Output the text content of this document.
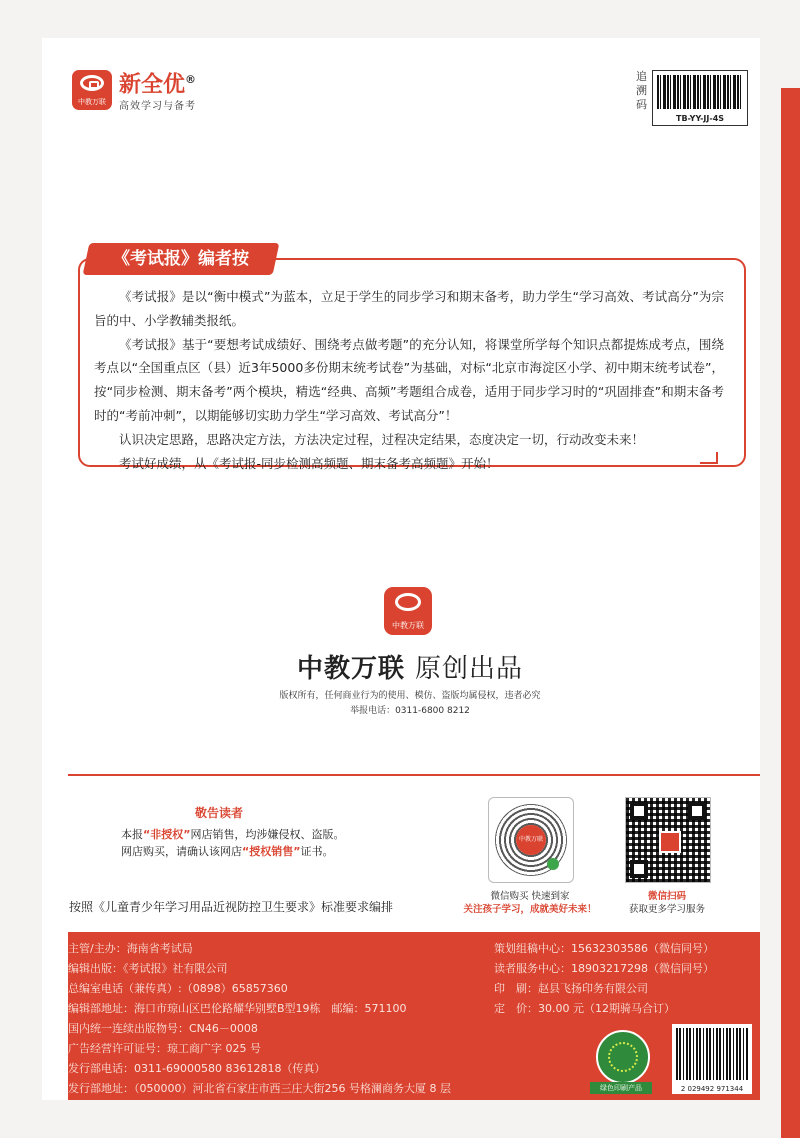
中教万联
新全优®
高效学习与备考
追溯码
TB-YY-JJ-4S
《考试报》编者按

《考试报》是以“衡中模式”为蓝本，立足于学生的同步学习和期末备考，助力学生“学习高效、考试高分”为宗旨的中、小学教辅类报纸。

《考试报》基于“要想考试成绩好、围绕考点做考题”的充分认知，将课堂所学每个知识点都提炼成考点，围绕考点以“全国重点区（县）近3年5000多份期末统考试卷”为基础，对标“北京市海淀区小学、初中期末统考试卷”，按“同步检测、期末备考”两个模块，精选“经典、高频”考题组合成卷，适用于同步学习时的“巩固排查”和期末备考时的“考前冲刺”，以期能够切实助力学生“学习高效、考试高分”！

认识决定思路，思路决定方法，方法决定过程，过程决定结果，态度决定一切，行动改变未来！

考试好成绩，从《考试报-同步检测高频题、期末备考高频题》开始！

中教万联
中教万联 原创出品
版权所有，任何商业行为的使用、模仿、盗版均属侵权，违者必究
举报电话：0311-6800 8212
敬告读者
本报“非授权”网店销售，均涉嫌侵权、盗版。
网店购买，请确认该网店“授权销售”证书。
中教万联
微信购买 快速到家
关注孩子学习，成就美好未来！
微信扫码
获取更多学习服务
按照《儿童青少年学习用品近视防控卫生要求》标准要求编排
主管/主办：海南省考试局
编辑出版：《考试报》社有限公司
总编室电话（兼传真）:（0898）65857360
编辑部地址：海口市琼山区巴伦路耀华别墅B型19栋　邮编：571100
国内统一连续出版物号：CN46－0008
广告经营许可证号：琼工商广字 025 号
发行部电话：0311-69000580 83612818（传真）
发行部地址：（050000）河北省石家庄市西三庄大街256 号格澜商务大厦 8 层
策划组稿中心：15632303586（微信同号）
读者服务中心：18903217298（微信同号）
印　刷：赵县飞扬印务有限公司
定　价：30.00 元（12期骑马合订）
绿色印刷产品	2 029492 971344
